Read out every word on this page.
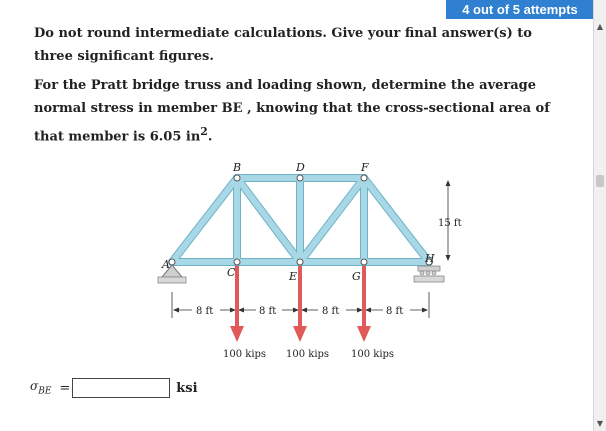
4 out of 5 attempts
▲
▼

Do not round intermediate calculations. Give your final answer(s) to three significant figures.

For the Pratt bridge truss and loading shown, determine the average normal stress in member BE , knowing that the cross-sectional area of that member is 6.05 $in^2$.

A
B	D	F
C	E	G
H
15 ft
8 ft	8 ft	8 ft	8 ft
100 kips 100 kips 100 kips
$\sigma_{BE}$ =	ksi
